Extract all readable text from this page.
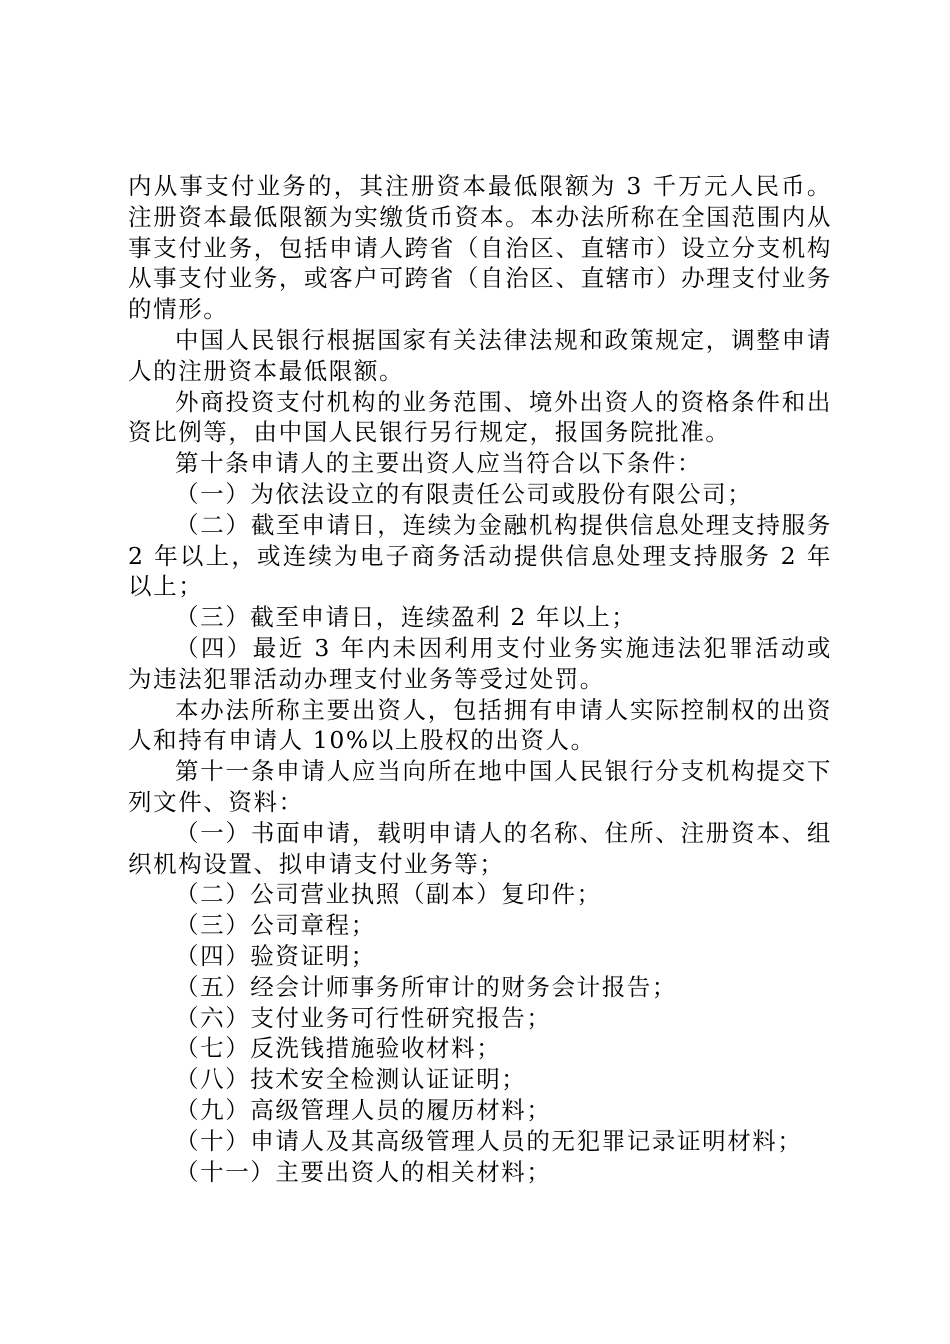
内从事支付业务的，其注册资本最低限额为 3 千万元人民币。注册资本最低限额为实缴货币资本。本办法所称在全国范围内从事支付业务，包括申请人跨省（自治区、直辖市）设立分支机构从事支付业务，或客户可跨省（自治区、直辖市）办理支付业务的情形。

中国人民银行根据国家有关法律法规和政策规定，调整申请人的注册资本最低限额。

外商投资支付机构的业务范围、境外出资人的资格条件和出资比例等，由中国人民银行另行规定，报国务院批准。

第十条申请人的主要出资人应当符合以下条件：

（一）为依法设立的有限责任公司或股份有限公司；

（二）截至申请日，连续为金融机构提供信息处理支持服务 2 年以上，或连续为电子商务活动提供信息处理支持服务 2 年以上；

（三）截至申请日，连续盈利 2 年以上；

（四）最近 3 年内未因利用支付业务实施违法犯罪活动或为违法犯罪活动办理支付业务等受过处罚。

本办法所称主要出资人，包括拥有申请人实际控制权的出资人和持有申请人 10%以上股权的出资人。

第十一条申请人应当向所在地中国人民银行分支机构提交下列文件、资料：

（一）书面申请，载明申请人的名称、住所、注册资本、组织机构设置、拟申请支付业务等；

（二）公司营业执照（副本）复印件；

（三）公司章程；

（四）验资证明；

（五）经会计师事务所审计的财务会计报告；

（六）支付业务可行性研究报告；

（七）反洗钱措施验收材料；

（八）技术安全检测认证证明；

（九）高级管理人员的履历材料；

（十）申请人及其高级管理人员的无犯罪记录证明材料；

（十一）主要出资人的相关材料；
